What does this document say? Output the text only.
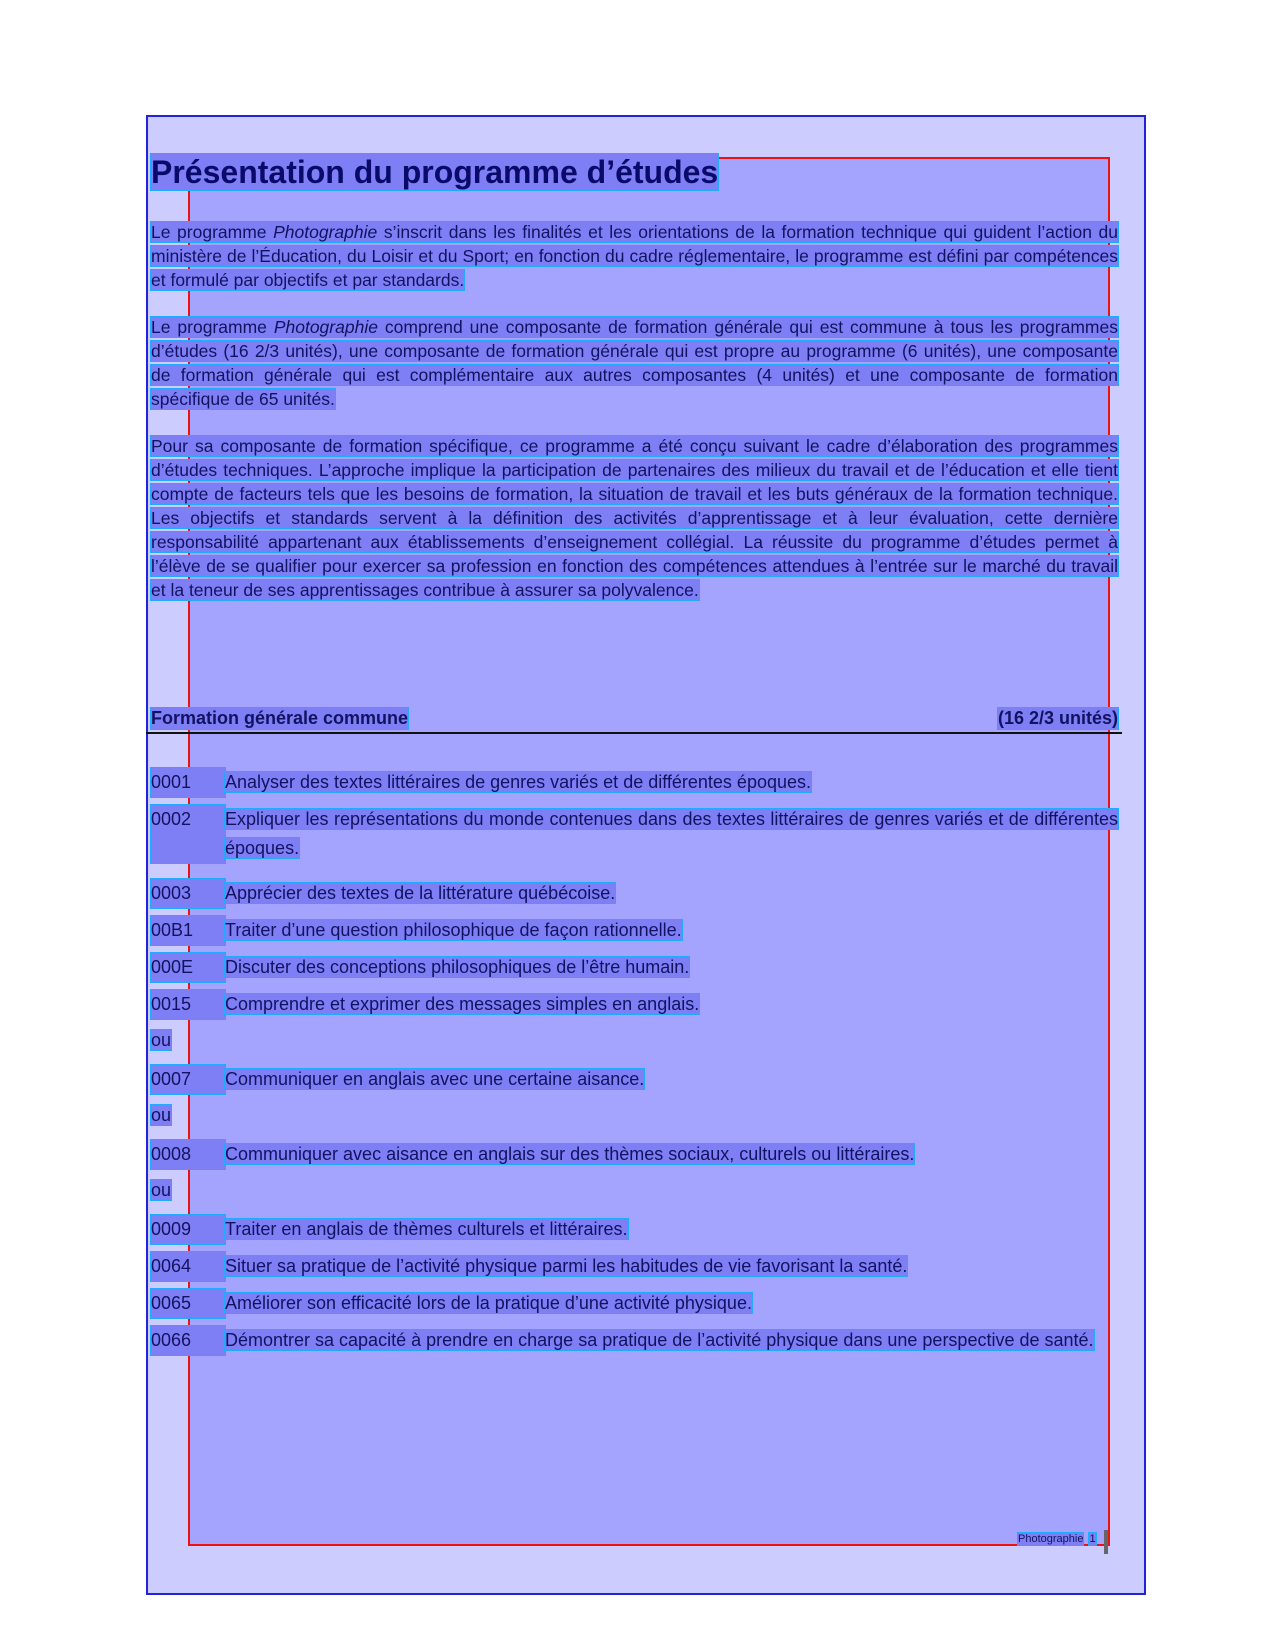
Présentation du programme d’études

Le programme Photographie s’inscrit dans les finalités et les orientations de la formation technique qui guident l’action du ministère de l’Éducation, du Loisir et du Sport; en fonction du cadre réglementaire, le programme est défini par compétences et formulé par objectifs et par standards.

Le programme Photographie comprend une composante de formation générale qui est commune à tous les programmes d’études (16 2/3 unités), une composante de formation générale qui est propre au programme (6 unités), une composante de formation générale qui est complémentaire aux autres composantes (4 unités) et une composante de formation spécifique de 65 unités.

Pour sa composante de formation spécifique, ce programme a été conçu suivant le cadre d’élaboration des programmes d’études techniques. L’approche implique la participation de partenaires des milieux du travail et de l’éducation et elle tient compte de facteurs tels que les besoins de formation, la situation de travail et les buts généraux de la formation technique. Les objectifs et standards servent à la définition des activités d’apprentissage et à leur évaluation, cette dernière responsabilité appartenant aux établissements d’enseignement collégial. La réussite du programme d’études permet à l’élève de se qualifier pour exercer sa profession en fonction des compétences attendues à l’entrée sur le marché du travail et la teneur de ses apprentissages contribue à assurer sa polyvalence.

Formation générale commune	(16 2/3 unités)
0001	Analyser des textes littéraires de genres variés et de différentes époques.
0002	Expliquer les représentations du monde contenues dans des textes littéraires de genres variés et de différentes époques.
0003	Apprécier des textes de la littérature québécoise.
00B1	Traiter d’une question philosophique de façon rationnelle.
000E	Discuter des conceptions philosophiques de l’être humain.
0015	Comprendre et exprimer des messages simples en anglais.
ou
0007	Communiquer en anglais avec une certaine aisance.
ou
0008	Communiquer avec aisance en anglais sur des thèmes sociaux, culturels ou littéraires.
ou
0009	Traiter en anglais de thèmes culturels et littéraires.
0064	Situer sa pratique de l’activité physique parmi les habitudes de vie favorisant la santé.
0065	Améliorer son efficacité lors de la pratique d’une activité physique.
0066	Démontrer sa capacité à prendre en charge sa pratique de l’activité physique dans une perspective de santé.
Photographie 1
